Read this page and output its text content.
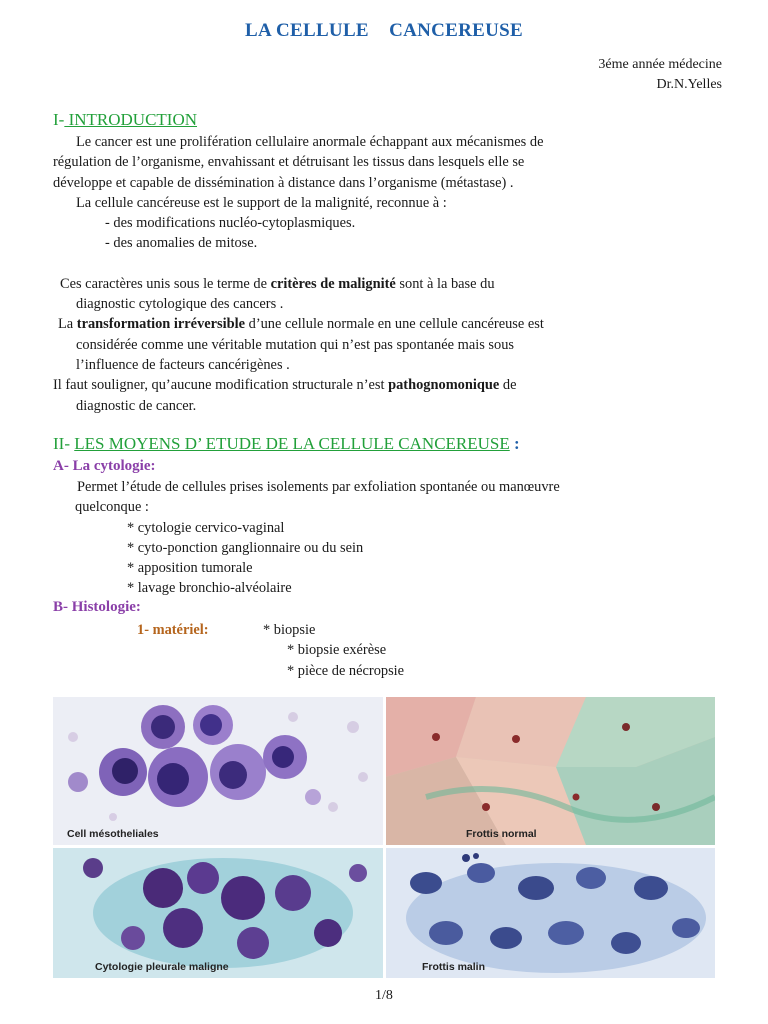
LA CELLULE    CANCEREUSE
3éme année médecine
Dr.N.Yelles
I- INTRODUCTION

Le cancer est une prolifération cellulaire anormale échappant aux mécanismes de

régulation de l’organisme, envahissant et détruisant les tissus dans lesquels elle se

développe et capable de dissémination à distance dans l’organisme (métastase) .

La cellule cancéreuse est le support de la malignité, reconnue à :

- des modifications nucléo-cytoplasmiques.

- des anomalies de mitose.

Ces caractères unis sous le terme de critères de malignité sont à la base du

diagnostic cytologique des cancers .

La transformation irréversible d’une cellule normale en une cellule cancéreuse est

considérée comme une véritable mutation qui n’est pas spontanée mais sous

l’influence de facteurs cancérigènes .

Il faut souligner, qu’aucune modification structurale n’est pathognomonique de

diagnostic de cancer.

II- LES MOYENS D’ ETUDE DE LA CELLULE CANCEREUSE :
A- La cytologie:

Permet l’étude de cellules prises isolements par exfoliation spontanée ou manœuvre

quelconque :

* cytologie cervico-vaginal

* cyto-ponction ganglionnaire ou du sein

* apposition tumorale

* lavage bronchio-alvéolaire

B- Histologie:
1- matériel:	* biopsie
* biopsie exérèse
* pièce de nécropsie
Cell mésotheliales	Frottis normal
Cytologie pleurale maligne	Frottis malin
1/8
